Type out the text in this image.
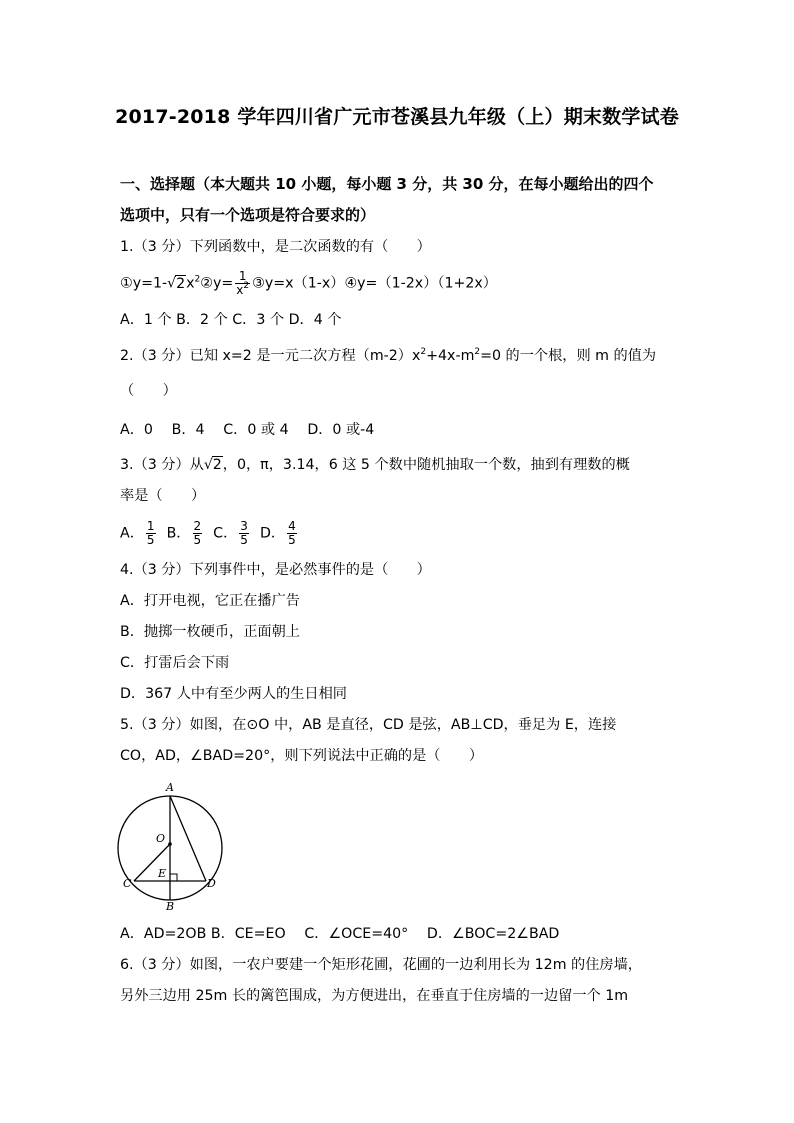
2017-2018 学年四川省广元市苍溪县九年级（上）期末数学试卷
一、选择题（本大题共 10 小题，每小题 3 分，共 30 分，在每小题给出的四个
选项中，只有一个选项是符合要求的）
1.（3 分）下列函数中，是二次函数的有（　　）
$①y=1-√2x^2②y= \frac{1}{x^2}$ ③y=x（1-x）④y=（1-2x）（1+2x）
A．1 个 B．2 个 C．3 个 D．4 个
2.（3 分）已知 x=2 是一元二次方程$(m-2)x^2+4x-m^2=0$ 的一个根，则 m 的值为
（　　）
A．0　 B．4　 C．0 或 4　 D．0 或-4
3.（3 分）从√2，0，π，3.14，6 这 5 个数中随机抽取一个数，抽到有理数的概
率是（　　）
A． $\frac{1}{5}$ B． $\frac{2}{5}$ C． $\frac{3}{5}$ D． $\frac{4}{5}$
4.（3 分）下列事件中，是必然事件的是（　　）
A．打开电视，它正在播广告
B．抛掷一枚硬币，正面朝上
C．打雷后会下雨
D．367 人中有至少两人的生日相同
5.（3 分）如图，在⊙O 中，AB 是直径，CD 是弦，AB⊥CD，垂足为 E，连接
CO，AD，∠BAD=20°，则下列说法中正确的是（　　）
A
O
E
C	D
B
A．AD=2OB B．CE=EO　 C．∠OCE=40°　 D．∠BOC=2∠BAD
6.（3 分）如图，一农户要建一个矩形花圃，花圃的一边利用长为 12m 的住房墙，
另外三边用 25m 长的篱笆围成，为方便进出，在垂直于住房墙的一边留一个 1m
